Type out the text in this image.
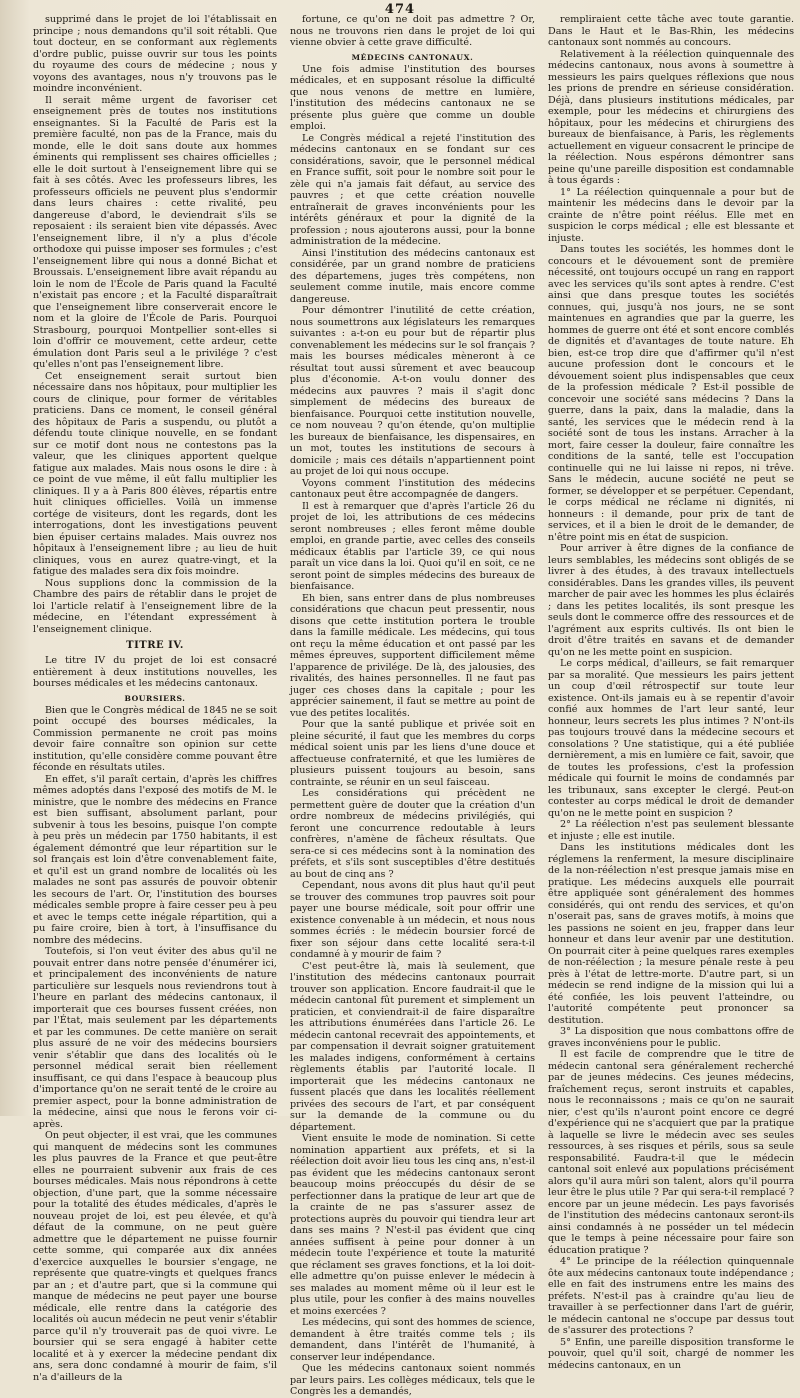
474

supprimé dans le projet de loi l'établissait en principe ; nous demandons qu'il soit rétabli. Que tout docteur, en se conformant aux règlements d'ordre public, puisse ouvrir sur tous les points du royaume des cours de médecine ; nous y voyons des avantages, nous n'y trouvons pas le moindre inconvénient.

Il serait même urgent de favoriser cet enseignement près de toutes nos institutions enseignantes. Si la Faculté de Paris est la première faculté, non pas de la France, mais du monde, elle le doit sans doute aux hommes éminents qui remplissent ses chaires officielles ; elle le doit surtout à l'enseignement libre qui se fait à ses côtés. Avec les professeurs libres, les professeurs officiels ne peuvent plus s'endormir dans leurs chaires : cette rivalité, peu dangereuse d'abord, le deviendrait s'ils se reposaient : ils seraient bien vite dépassés. Avec l'enseignement libre, il n'y a plus d'école orthodoxe qui puisse imposer ses formules ; c'est l'enseignement libre qui nous a donné Bichat et Broussais. L'enseignement libre avait répandu au loin le nom de l'École de Paris quand la Faculté n'existait pas encore ; et la Faculté disparaîtrait que l'enseignement libre conserverait encore le nom et la gloire de l'École de Paris. Pourquoi Strasbourg, pourquoi Montpellier sont-elles si loin d'offrir ce mouvement, cette ardeur, cette émulation dont Paris seul a le privilége ? c'est qu'elles n'ont pas l'enseignement libre.

Cet enseignement serait surtout bien nécessaire dans nos hôpitaux, pour multiplier les cours de clinique, pour former de véritables praticiens. Dans ce moment, le conseil général des hôpitaux de Paris a suspendu, ou plutôt a défendu toute clinique nouvelle, en se fondant sur ce motif dont nous ne contestons pas la valeur, que les cliniques apportent quelque fatigue aux malades. Mais nous osons le dire : à ce point de vue même, il eût fallu multiplier les cliniques. Il y a à Paris 800 élèves, répartis entre huit cliniques officielles. Voilà un immense cortége de visiteurs, dont les regards, dont les interrogations, dont les investigations peuvent bien épuiser certains malades. Mais ouvrez nos hôpitaux à l'enseignement libre ; au lieu de huit cliniques, vous en aurez quatre-vingt, et la fatigue des malades sera dix fois moindre.

Nous supplions donc la commission de la Chambre des pairs de rétablir dans le projet de loi l'article relatif à l'enseignement libre de la médecine, en l'étendant expressément à l'enseignement clinique.

TITRE IV.

Le titre IV du projet de loi est consacré entièrement à deux institutions nouvelles, les bourses médicales et les médecins cantonaux.

BOURSIERS.

Bien que le Congrès médical de 1845 ne se soit point occupé des bourses médicales, la Commission permanente ne croit pas moins devoir faire connaître son opinion sur cette institution, qu'elle considère comme pouvant être féconde en résultats utiles.

En effet, s'il paraît certain, d'après les chiffres mêmes adoptés dans l'exposé des motifs de M. le ministre, que le nombre des médecins en France est bien suffisant, absolument parlant, pour subvenir à tous les besoins, puisque l'on compte à peu près un médecin par 1750 habitants, il est également démontré que leur répartition sur le sol français est loin d'être convenablement faite, et qu'il est un grand nombre de localités où les malades ne sont pas assurés de pouvoir obtenir les secours de l'art. Or, l'institution des bourses médicales semble propre à faire cesser peu à peu et avec le temps cette inégale répartition, qui a pu faire croire, bien à tort, à l'insuffisance du nombre des médecins.

Toutefois, si l'on veut éviter des abus qu'il ne pouvait entrer dans notre pensée d'énumérer ici, et principalement des inconvénients de nature particulière sur lesquels nous reviendrons tout à l'heure en parlant des médecins cantonaux, il importerait que ces bourses fussent créées, non par l'État, mais seulement par les départements et par les communes. De cette manière on serait plus assuré de ne voir des médecins boursiers venir s'établir que dans des localités où le personnel médical serait bien réellement insuffisant, ce qui dans l'espace à beaucoup plus d'importance qu'on ne serait tenté de le croire au premier aspect, pour la bonne administration de la médecine, ainsi que nous le ferons voir ci-après.

On peut objecter, il est vrai, que les communes qui manquent de médecins sont les communes les plus pauvres de la France et que peut-être elles ne pourraient subvenir aux frais de ces bourses médicales. Mais nous répondrons à cette objection, d'une part, que la somme nécessaire pour la totalité des études médicales, d'après le nouveau projet de loi, est peu élevée, et qu'à défaut de la commune, on ne peut guère admettre que le département ne puisse fournir cette somme, qui comparée aux dix années d'exercice auxquelles le boursier s'engage, ne représente que quatre-vingts et quelques francs par an ; et d'autre part, que si la commune qui manque de médecins ne peut payer une bourse médicale, elle rentre dans la catégorie des localités où aucun médecin ne peut venir s'établir parce qu'il n'y trouverait pas de quoi vivre. Le boursier qui se sera engagé à habiter cette localité et à y exercer la médecine pendant dix ans, sera donc condamné à mourir de faim, s'il n'a d'ailleurs de la

fortune, ce qu'on ne doit pas admettre ? Or, nous ne trouvons rien dans le projet de loi qui vienne obvier à cette grave difficulté.

MÉDECINS CANTONAUX.

Une fois admise l'institution des bourses médicales, et en supposant résolue la difficulté que nous venons de mettre en lumière, l'institution des médecins cantonaux ne se présente plus guère que comme un double emploi.

Le Congrès médical a rejeté l'institution des médecins cantonaux en se fondant sur ces considérations, savoir, que le personnel médical en France suffit, soit pour le nombre soit pour le zèle qui n'a jamais fait défaut, au service des pauvres ; et que cette création nouvelle entraînerait de graves inconvénients pour les intérêts généraux et pour la dignité de la profession ; nous ajouterons aussi, pour la bonne administration de la médecine.

Ainsi l'institution des médecins cantonaux est considérée, par un grand nombre de praticiens des départemens, juges très compétens, non seulement comme inutile, mais encore comme dangereuse.

Pour démontrer l'inutilité de cette création, nous soumettrons aux législateurs les remarques suivantes : a-t-on eu pour but de répartir plus convenablement les médecins sur le sol français ? mais les bourses médicales mèneront à ce résultat tout aussi sûrement et avec beaucoup plus d'économie. A-t-on voulu donner des médecins aux pauvres ? mais il s'agit donc simplement de médecins des bureaux de bienfaisance. Pourquoi cette institution nouvelle, ce nom nouveau ? qu'on étende, qu'on multiplie les bureaux de bienfaisance, les dispensaires, en un mot, toutes les institutions de secours à domicile ; mais ces détails n'appartiennent point au projet de loi qui nous occupe.

Voyons comment l'institution des médecins cantonaux peut être accompagnée de dangers.

Il est à remarquer que d'après l'article 26 du projet de loi, les attributions de ces médecins seront nombreuses ; elles feront même double emploi, en grande partie, avec celles des conseils médicaux établis par l'article 39, ce qui nous paraît un vice dans la loi. Quoi qu'il en soit, ce ne seront point de simples médecins des bureaux de bienfaisance.

Eh bien, sans entrer dans de plus nombreuses considérations que chacun peut pressentir, nous disons que cette institution portera le trouble dans la famille médicale. Les médecins, qui tous ont reçu la même éducation et ont passé par les mêmes épreuves, supportent difficilement même l'apparence de privilége. De là, des jalousies, des rivalités, des haines personnelles. Il ne faut pas juger ces choses dans la capitale ; pour les apprécier sainement, il faut se mettre au point de vue des petites localités.

Pour que la santé publique et privée soit en pleine sécurité, il faut que les membres du corps médical soient unis par les liens d'une douce et affectueuse confraternité, et que les lumières de plusieurs puissent toujours au besoin, sans contrainte, se réunir en un seul faisceau.

Les considérations qui précèdent ne permettent guère de douter que la création d'un ordre nombreux de médecins privilégiés, qui feront une concurrence redoutable à leurs confrères, n'amène de fâcheux résultats. Que sera-ce si ces médecins sont à la nomination des préfets, et s'ils sont susceptibles d'être destitués au bout de cinq ans ?

Cependant, nous avons dit plus haut qu'il peut se trouver des communes trop pauvres soit pour payer une bourse médicale, soit pour offrir une existence convenable à un médecin, et nous nous sommes écriés : le médecin boursier forcé de fixer son séjour dans cette localité sera-t-il condamné à y mourir de faim ?

C'est peut-être là, mais là seulement, que l'institution des médecins cantonaux pourrait trouver son application. Encore faudrait-il que le médecin cantonal fût purement et simplement un praticien, et conviendrait-il de faire disparaître les attributions énumérées dans l'article 26. Le médecin cantonal recevrait des appointements, et par compensation il devrait soigner gratuitement les malades indigens, conformément à certains règlements établis par l'autorité locale. Il importerait que les médecins cantonaux ne fussent placés que dans les localités réellement privées des secours de l'art, et par conséquent sur la demande de la commune ou du département.

Vient ensuite le mode de nomination. Si cette nomination appartient aux préfets, et si la réélection doit avoir lieu tous les cinq ans, n'est-il pas évident que les médecins cantonaux seront beaucoup moins préoccupés du désir de se perfectionner dans la pratique de leur art que de la crainte de ne pas s'assurer assez de protections auprès du pouvoir qui tiendra leur art dans ses mains ? N'est-il pas évident que cinq années suffisent à peine pour donner à un médecin toute l'expérience et toute la maturité que réclament ses graves fonctions, et la loi doit-elle admettre qu'on puisse enlever le médecin à ses malades au moment même où il leur est le plus utile, pour les confier à des mains nouvelles et moins exercées ?

Les médecins, qui sont des hommes de science, demandent à être traités comme tels ; ils demandent, dans l'intérêt de l'humanité, à conserver leur indépendance.

Que les médecins cantonaux soient nommés par leurs pairs. Les collèges médicaux, tels que le Congrès les a demandés,

rempliraient cette tâche avec toute garantie. Dans le Haut et le Bas-Rhin, les médecins cantonaux sont nommés au concours.

Relativement à la réélection quinquennale des médecins cantonaux, nous avons à soumettre à messieurs les pairs quelques réflexions que nous les prions de prendre en sérieuse considération. Déjà, dans plusieurs institutions médicales, par exemple, pour les médecins et chirurgiens des hôpitaux, pour les médecins et chirurgiens des bureaux de bienfaisance, à Paris, les règlements actuellement en vigueur consacrent le principe de la réélection. Nous espérons démontrer sans peine qu'une pareille disposition est condamnable à tous égards :

1° La réélection quinquennale a pour but de maintenir les médecins dans le devoir par la crainte de n'être point réélus. Elle met en suspicion le corps médical ; elle est blessante et injuste.

Dans toutes les sociétés, les hommes dont le concours et le dévouement sont de première nécessité, ont toujours occupé un rang en rapport avec les services qu'ils sont aptes à rendre. C'est ainsi que dans presque toutes les sociétés connues, qui, jusqu'à nos jours, ne se sont maintenues en agrandies que par la guerre, les hommes de guerre ont été et sont encore comblés de dignités et d'avantages de toute nature. Eh bien, est-ce trop dire que d'affirmer qu'il n'est aucune profession dont le concours et le dévouement soient plus indispensables que ceux de la profession médicale ? Est-il possible de concevoir une société sans médecins ? Dans la guerre, dans la paix, dans la maladie, dans la santé, les services que le médecin rend à la société sont de tous les instans. Arracher à la mort, faire cesser la douleur, faire connaître les conditions de la santé, telle est l'occupation continuelle qui ne lui laisse ni repos, ni trêve. Sans le médecin, aucune société ne peut se former, se développer et se perpétuer. Cependant, le corps médical ne réclame ni dignités, ni honneurs : il demande, pour prix de tant de services, et il a bien le droit de le demander, de n'être point mis en état de suspicion.

Pour arriver à être dignes de la confiance de leurs semblables, les médecins sont obligés de se livrer à des études, à des travaux intellectuels considérables. Dans les grandes villes, ils peuvent marcher de pair avec les hommes les plus éclairés ; dans les petites localités, ils sont presque les seuls dont le commerce offre des ressources et de l'agrément aux esprits cultivés. Ils ont bien le droit d'être traités en savans et de demander qu'on ne les mette point en suspicion.

Le corps médical, d'ailleurs, se fait remarquer par sa moralité. Que messieurs les pairs jettent un coup d'œil rétrospectif sur toute leur existence. Ont-ils jamais eu à se repentir d'avoir confié aux hommes de l'art leur santé, leur honneur, leurs secrets les plus intimes ? N'ont-ils pas toujours trouvé dans la médecine secours et consolations ? Une statistique, qui a été publiée dernièrement, a mis en lumière ce fait, savoir, que de toutes les professions, c'est la profession médicale qui fournit le moins de condamnés par les tribunaux, sans excepter le clergé. Peut-on contester au corps médical le droit de demander qu'on ne le mette point en suspicion ?

2° La réélection n'est pas seulement blessante et injuste ; elle est inutile.

Dans les institutions médicales dont les réglemens la renferment, la mesure disciplinaire de la non-réélection n'est presque jamais mise en pratique. Les médecins auxquels elle pourrait être appliquée sont généralement des hommes considérés, qui ont rendu des services, et qu'on n'oserait pas, sans de graves motifs, à moins que les passions ne soient en jeu, frapper dans leur honneur et dans leur avenir par une destitution. On pourrait citer à peine quelques rares exemples de non-réélection ; la mesure pénale reste à peu près à l'état de lettre-morte. D'autre part, si un médecin se rend indigne de la mission qui lui a été confiée, les lois peuvent l'atteindre, ou l'autorité compétente peut prononcer sa destitution.

3° La disposition que nous combattons offre de graves inconvéniens pour le public.

Il est facile de comprendre que le titre de médecin cantonal sera généralement recherché par de jeunes médecins. Ces jeunes médecins, fraîchement reçus, seront instruits et capables, nous le reconnaissons ; mais ce qu'on ne saurait nier, c'est qu'ils n'auront point encore ce degré d'expérience qui ne s'acquiert que par la pratique à laquelle se livre le médecin avec ses seules ressources, à ses risques et périls, sous sa seule responsabilité. Faudra-t-il que le médecin cantonal soit enlevé aux populations précisément alors qu'il aura mûri son talent, alors qu'il pourra leur être le plus utile ? Par qui sera-t-il remplacé ? encore par un jeune médecin. Les pays favorisés de l'institution des médecins cantonaux seront-ils ainsi condamnés à ne posséder un tel médecin que le temps à peine nécessaire pour faire son éducation pratique ?

4° Le principe de la réélection quinquennale ôte aux médecins cantonaux toute indépendance ; elle en fait des instrumens entre les mains des préfets. N'est-il pas à craindre qu'au lieu de travailler à se perfectionner dans l'art de guérir, le médecin cantonal ne s'occupe par dessus tout de s'assurer des protections ?

5° Enfin, une pareille disposition transforme le pouvoir, quel qu'il soit, chargé de nommer les médecins cantonaux, en un
